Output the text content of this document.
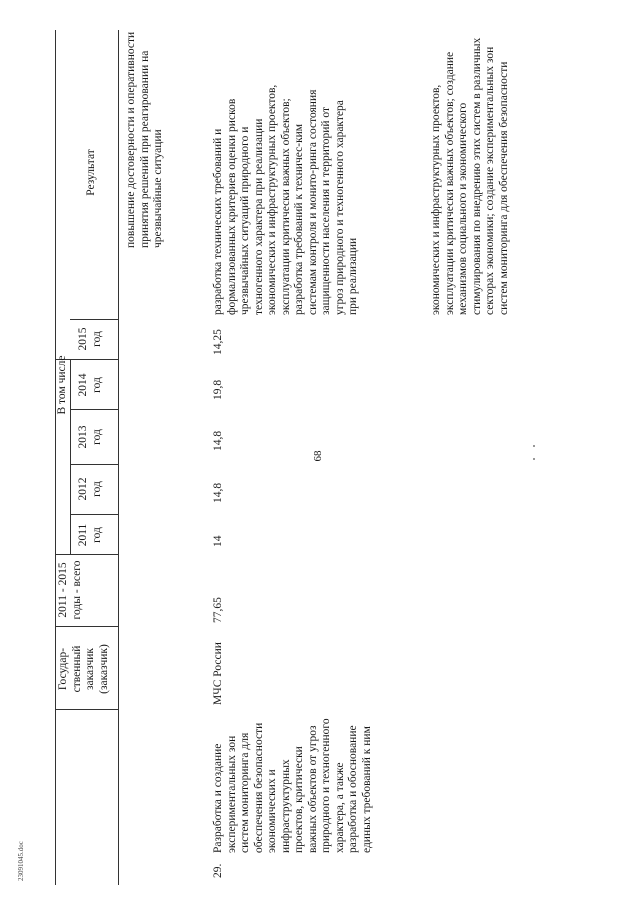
68
23091045.doc
Государ-ственный заказчик (заказчик)
2011 - 2015 годы - всего
В том числе
2011 год
2012 год
2013 год
2014 год
2015 год
Результат повышение достоверности и оперативности принятия решений при реагировании на чрезвычайные ситуации
29.
Разработка и создание экспериментальных зон систем мониторинга для обеспечения безопасности экономических и инфраструктурных проектов, критически важных объектов от угроз природного и техногенного характера, а также разработка и обоснование единых требований к ним
МЧС России
77,65
14
14,8
14,8
19,8
14,25
разработка технических требований и формализованных критериев оценки рисков чрезвычайных ситуаций природного и техногенного характера при реализации экономических и инфраструктурных проектов, эксплуатации критически важных объектов; разработка требований к техничес-ким системам контроля и монито-ринга состояния защищенности населения и территорий от угроз природного и техногенного характера при реализации	экономических и инфраструктурных проектов, эксплуатации критически важных объектов; создание механизмов социального и экономического стимулирования по внедрению этих систем в различных секторах экономики; создание экспериментальных зон систем мониторинга для обеспечения безопасности
